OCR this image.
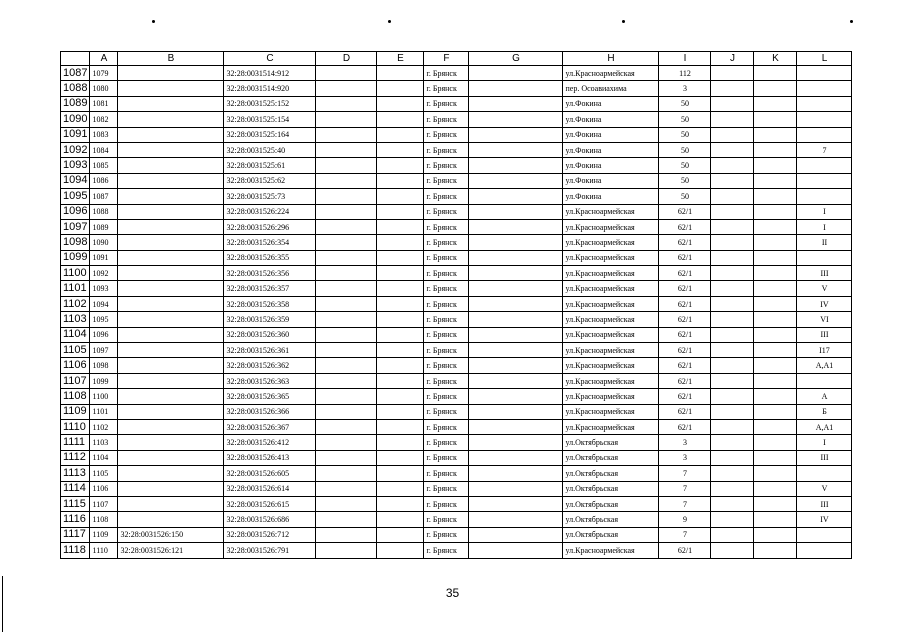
	A	B	C	D	E	F	G	H	I	J	K	L
1087	1079		32:28:0031514:912			г. Брянск		ул.Красноармейская	112			
1088	1080		32:28:0031514:920			г. Брянск		пер. Осоавиахима	3			
1089	1081		32:28:0031525:152			г. Брянск		ул.Фокина	50			
1090	1082		32:28:0031525:154			г. Брянск		ул.Фокина	50			
1091	1083		32:28:0031525:164			г. Брянск		ул.Фокина	50			
1092	1084		32:28:0031525:40			г. Брянск		ул.Фокина	50			7
1093	1085		32:28:0031525:61			г. Брянск		ул.Фокина	50			
1094	1086		32:28:0031525:62			г. Брянск		ул.Фокина	50			
1095	1087		32:28:0031525:73			г. Брянск		ул.Фокина	50			
1096	1088		32:28:0031526:224			г. Брянск		ул.Красноармейская	62/1			I
1097	1089		32:28:0031526:296			г. Брянск		ул.Красноармейская	62/1			I
1098	1090		32:28:0031526:354			г. Брянск		ул.Красноармейская	62/1			II
1099	1091		32:28:0031526:355			г. Брянск		ул.Красноармейская	62/1			
1100	1092		32:28:0031526:356			г. Брянск		ул.Красноармейская	62/1			III
1101	1093		32:28:0031526:357			г. Брянск		ул.Красноармейская	62/1			V
1102	1094		32:28:0031526:358			г. Брянск		ул.Красноармейская	62/1			IV
1103	1095		32:28:0031526:359			г. Брянск		ул.Красноармейская	62/1			VI
1104	1096		32:28:0031526:360			г. Брянск		ул.Красноармейская	62/1			III
1105	1097		32:28:0031526:361			г. Брянск		ул.Красноармейская	62/1			I17
1106	1098		32:28:0031526:362			г. Брянск		ул.Красноармейская	62/1			А,А1
1107	1099		32:28:0031526:363			г. Брянск		ул.Красноармейская	62/1			
1108	1100		32:28:0031526:365			г. Брянск		ул.Красноармейская	62/1			А
1109	1101		32:28:0031526:366			г. Брянск		ул.Красноармейская	62/1			Б
1110	1102		32:28:0031526:367			г. Брянск		ул.Красноармейская	62/1			А,А1
1111	1103		32:28:0031526:412			г. Брянск		ул.Октябрьская	3			I
1112	1104		32:28:0031526:413			г. Брянск		ул.Октябрьская	3			III
1113	1105		32:28:0031526:605			г. Брянск		ул.Октябрьская	7			
1114	1106		32:28:0031526:614			г. Брянск		ул.Октябрьская	7			V
1115	1107		32:28:0031526:615			г. Брянск		ул.Октябрьская	7			III
1116	1108		32:28:0031526:686			г. Брянск		ул.Октябрьская	9			IV
1117	1109	32:28:0031526:150	32:28:0031526:712			г. Брянск		ул.Октябрьская	7			
1118	1110	32:28:0031526:121	32:28:0031526:791			г. Брянск		ул.Красноармейская	62/1			
35
